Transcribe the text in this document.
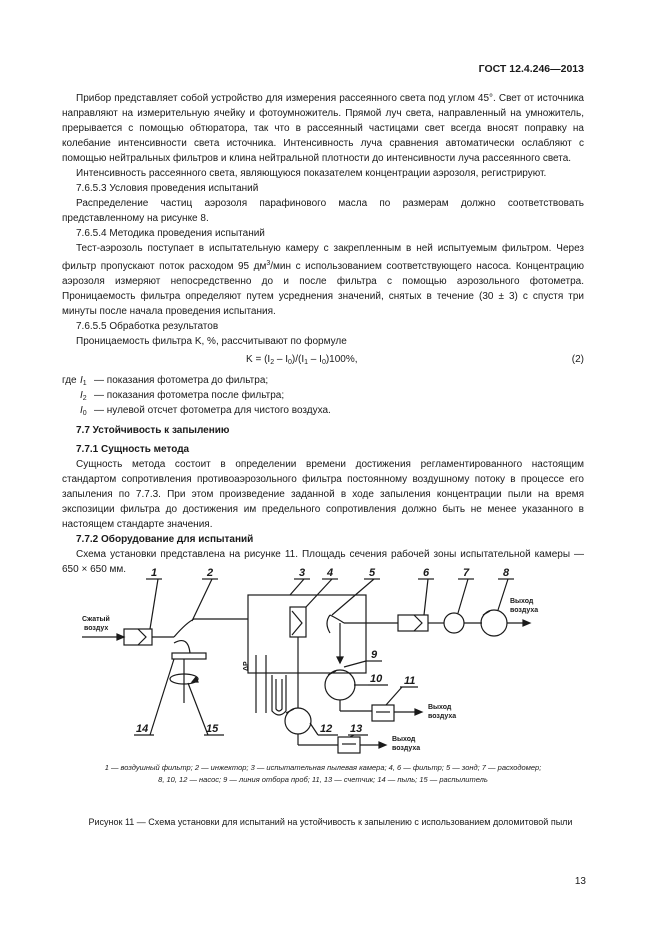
ГОСТ 12.4.246—2013

Прибор представляет собой устройство для измерения рассеянного света под углом 45°. Свет от источника направляют на измерительную ячейку и фотоумножитель. Прямой луч света, направленный на умножитель, прерывается с помощью обтюратора, так что в рассеянный частицами свет всегда вносят поправку на колебание интенсивности света источника. Интенсивность луча сравнения автоматически ослабляют с помощью нейтральных фильтров и клина нейтральной плотности до интенсивности луча рассеянного света.

Интенсивность рассеянного света, являющуюся показателем концентрации аэрозоля, регистрируют.

7.6.5.3 Условия проведения испытаний

Распределение частиц аэрозоля парафинового масла по размерам должно соответствовать представленному на рисунке 8.

7.6.5.4 Методика проведения испытаний

Тест-аэрозоль поступает в испытательную камеру с закрепленным в ней испытуемым фильтром. Через фильтр пропускают поток расходом 95 $дм^3$/мин с использованием соответствующего насоса. Концентрацию аэрозоля измеряют непосредственно до и после фильтра с помощью аэрозольного фотометра. Проницаемость фильтра определяют путем усреднения значений, снятых в течение (30 ± 3) с спустя три минуты после начала проведения испытания.

7.6.5.5 Обработка результатов

Проницаемость фильтра K, %, рассчитывают по формуле

$K = (I_2 - I_0)/(I_1 - I_0)100\%$,	(2)
где $I_1$ — показания фотометра до фильтра;
$I_2$ — показания фотометра после фильтра;
$I_0$ — нулевой отсчет фотометра для чистого воздуха.

7.7 Устойчивость к запылению

7.7.1 Сущность метода

Сущность метода состоит в определении времени достижения регламентированного настоящим стандартом сопротивления противоаэрозольного фильтра постоянному воздушному потоку в процессе его запыления по 7.7.3. При этом произведение заданной в ходе запыления концентрации пыли на время экспозиции фильтра до достижения им предельного сопротивления должно быть не менее указанного в настоящем стандарте значения.

7.7.2 Оборудование для испытаний

Схема установки представлена на рисунке 11. Площадь сечения рабочей зоны испытательной камеры — 650 × 650 мм.

Сжатый
воздух
ΔP
Выход
воздуха
Выход
воздуха
Выход
воздуха
1	2	3 4	5	6	7	8
9
10 11
12 13
14	15
1 — воздушный фильтр; 2 — инжектор; 3 — испытательная пылевая камера; 4, 6 — фильтр; 5 — зонд; 7 — расходомер;
8, 10, 12 — насос; 9 — линия отбора проб; 11, 13 — счетчик; 14 — пыль; 15 — распылитель
Рисунок 11 — Схема установки для испытаний на устойчивость к запылению с использованием доломитовой пыли
13
